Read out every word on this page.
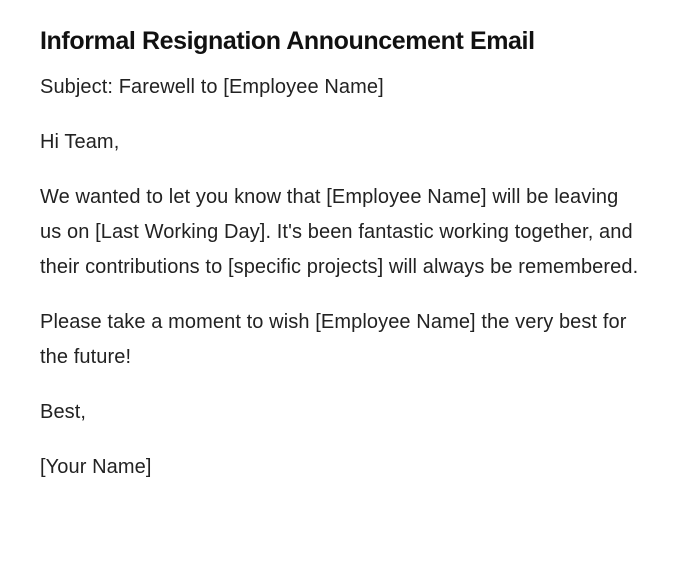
Informal Resignation Announcement Email

Subject: Farewell to [Employee Name]

Hi Team,

We wanted to let you know that [Employee Name] will be leaving us on [Last Working Day]. It's been fantastic working together, and their contributions to [specific projects] will always be remembered.

Please take a moment to wish [Employee Name] the very best for the future!

Best,

[Your Name]
